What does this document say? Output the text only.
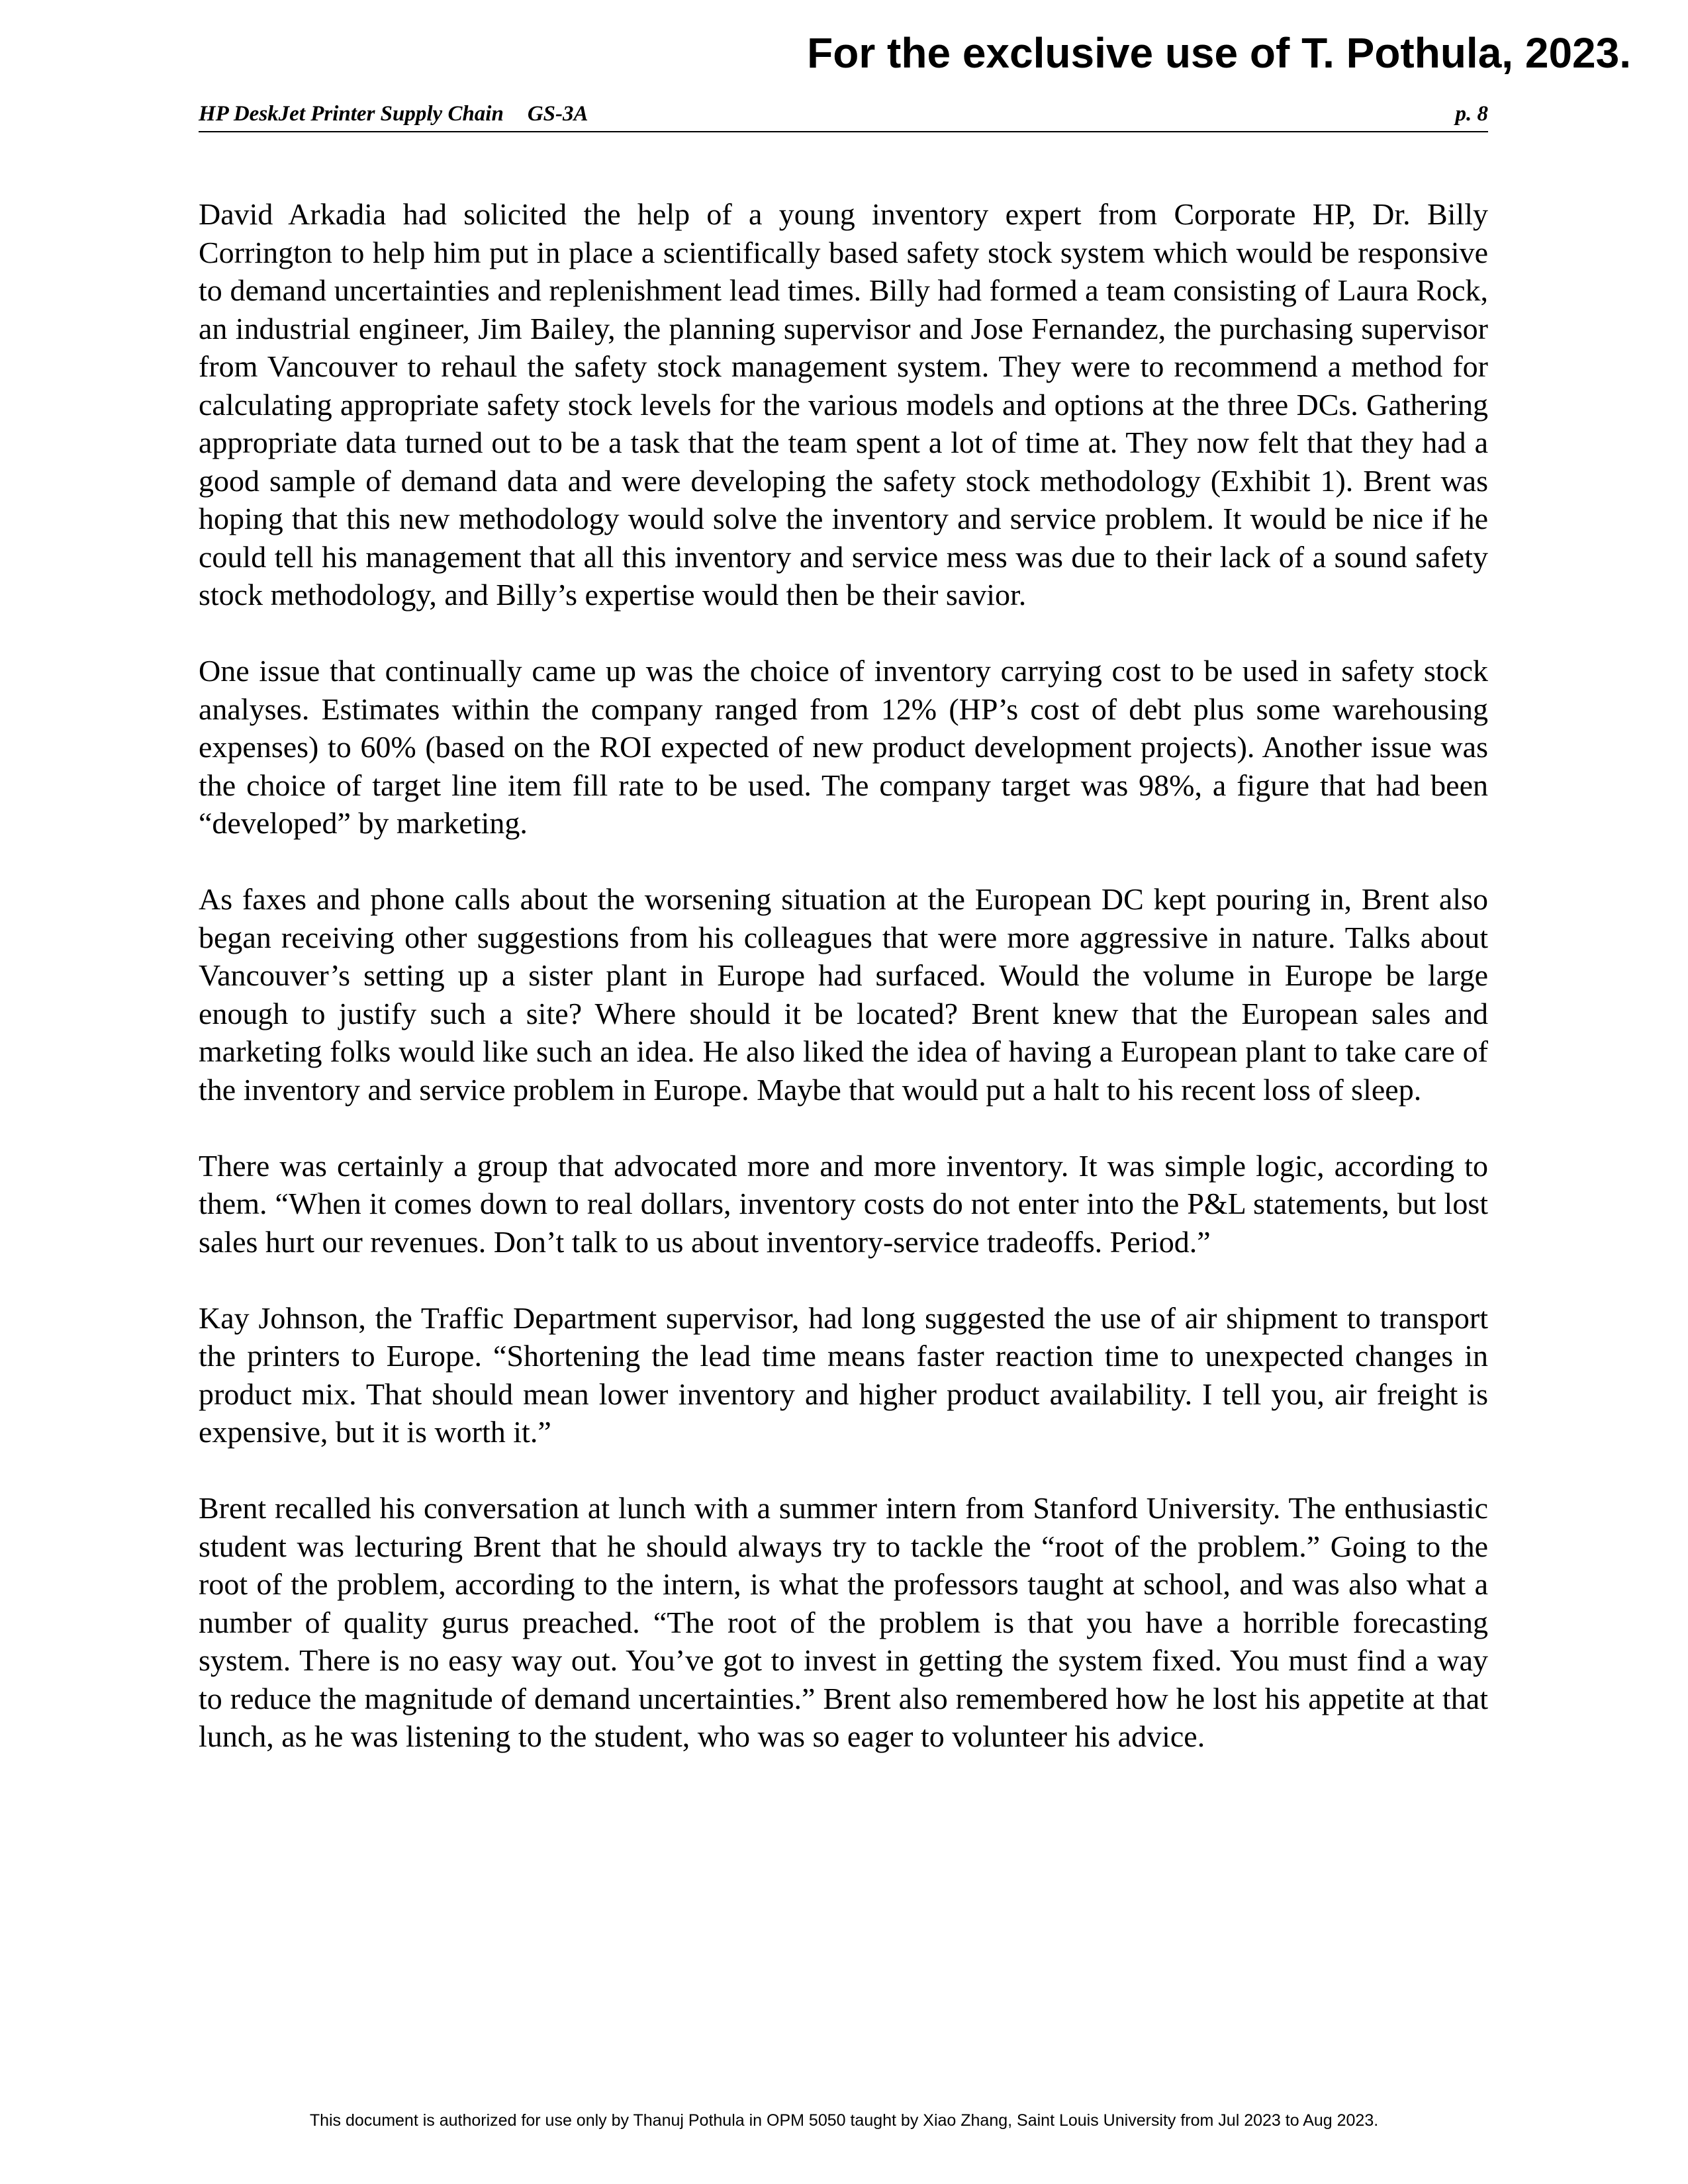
For the exclusive use of T. Pothula, 2023.
HP DeskJet Printer Supply Chain GS-3A	p. 8

David Arkadia had solicited the help of a young inventory expert from Corporate HP, Dr. Billy Corrington to help him put in place a scientifically based safety stock system which would be responsive to demand uncertainties and replenishment lead times. Billy had formed a team consisting of Laura Rock, an industrial engineer, Jim Bailey, the planning supervisor and Jose Fernandez, the purchasing supervisor from Vancouver to rehaul the safety stock management system. They were to recommend a method for calculating appropriate safety stock levels for the various models and options at the three DCs. Gathering appropriate data turned out to be a task that the team spent a lot of time at. They now felt that they had a good sample of demand data and were developing the safety stock methodology (Exhibit 1). Brent was hoping that this new methodology would solve the inventory and service problem. It would be nice if he could tell his management that all this inventory and service mess was due to their lack of a sound safety stock methodology, and Billy’s expertise would then be their savior.

One issue that continually came up was the choice of inventory carrying cost to be used in safety stock analyses. Estimates within the company ranged from 12% (HP’s cost of debt plus some warehousing expenses) to 60% (based on the ROI expected of new product development projects). Another issue was the choice of target line item fill rate to be used. The company target was 98%, a figure that had been “developed” by marketing.

As faxes and phone calls about the worsening situation at the European DC kept pouring in, Brent also began receiving other suggestions from his colleagues that were more aggressive in nature. Talks about Vancouver’s setting up a sister plant in Europe had surfaced. Would the volume in Europe be large enough to justify such a site? Where should it be located? Brent knew that the European sales and marketing folks would like such an idea. He also liked the idea of having a European plant to take care of the inventory and service problem in Europe. Maybe that would put a halt to his recent loss of sleep.

There was certainly a group that advocated more and more inventory. It was simple logic, according to them. “When it comes down to real dollars, inventory costs do not enter into the P&L statements, but lost sales hurt our revenues. Don’t talk to us about inventory-service tradeoffs. Period.”

Kay Johnson, the Traffic Department supervisor, had long suggested the use of air shipment to transport the printers to Europe. “Shortening the lead time means faster reaction time to unexpected changes in product mix. That should mean lower inventory and higher product availability. I tell you, air freight is expensive, but it is worth it.”

Brent recalled his conversation at lunch with a summer intern from Stanford University. The enthusiastic student was lecturing Brent that he should always try to tackle the “root of the problem.” Going to the root of the problem, according to the intern, is what the professors taught at school, and was also what a number of quality gurus preached. “The root of the problem is that you have a horrible forecasting system. There is no easy way out. You’ve got to invest in getting the system fixed. You must find a way to reduce the magnitude of demand uncertainties.” Brent also remembered how he lost his appetite at that lunch, as he was listening to the student, who was so eager to volunteer his advice.

This document is authorized for use only by Thanuj Pothula in OPM 5050 taught by Xiao Zhang, Saint Louis University from Jul 2023 to Aug 2023.
